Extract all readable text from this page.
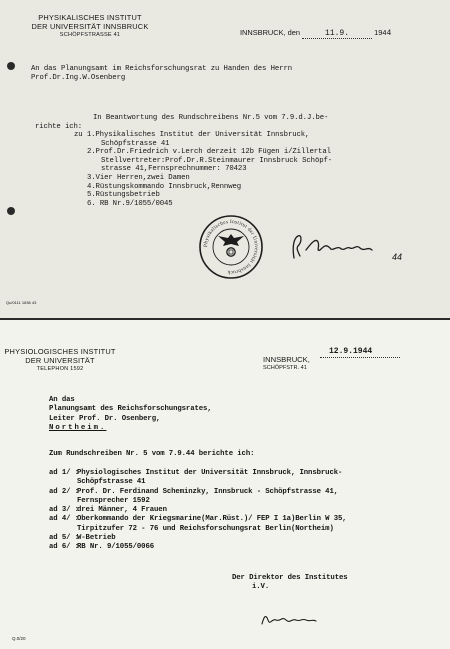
PHYSIKALISCHES INSTITUT
DER UNIVERSITÄT INNSBRUCK
SCHÖPFSTRASSE 41	INNSBRUCK, den	11.9.	1944
An das Planungsamt im Reichsforschungsrat zu Handen des Herrn
Prof.Dr.Ing.W.Osenberg
In Beantwortung des Rundschreibens Nr.5 vom 7.9.d.J.be-
richte ich:
zu 1.Physikalisches Institut der Universität Innsbruck,
Schöpfstrasse 41
2.Prof.Dr.Friedrich v.Lerch derzeit 12b Fügen i/Zillertal
Stellvertreter:Prof.Dr.R.Steinmaurer Innsbruck Schöpf-
strasse 41,Fernsprechnummer: 70423
3.Vier Herren,zwei Damen
4.Rüstungskommando Innsbruck,Rennweg
5.Rüstungsbetrieb
6. RB Nr.9/1055/0045
Physikalisches Institut der Universität Innsbruck
44
Qu/0111 1836 43
PHYSIOLOGISCHES INSTITUT
DER UNIVERSITÄT
TELEPHON 1592
INNSBRUCK,
SCHÖPFSTR. 41
12.9.1944
An das
Planungsamt des Reichsforschungsrates,
Leiter Prof. Dr. Osenberg,
Northeim.
Zum Rundschreiben Nr. 5 vom 7.9.44 berichte ich:
ad 1/ :Physiologisches Institut der Universität Innsbruck, Innsbruck-
Schöpfstrasse 41
ad 2/ :Prof. Dr. Ferdinand Scheminzky, Innsbruck - Schöpfstrasse 41,
Fernsprecher 1592
ad 3/ :drei Männer, 4 Frauen
ad 4/ :Oberkommando der Kriegsmarine(Mar.Rüst.)/ FEP I 1a)Berlin W 35,
Tirpitzufer 72 - 76 und Reichsforschungsrat Berlin(Northeim)
ad 5/ :W-Betrieb
ad 6/ :RB Nr. 9/1055/0066
Der Direktor des Institutes
i.V.
Q.0/20
